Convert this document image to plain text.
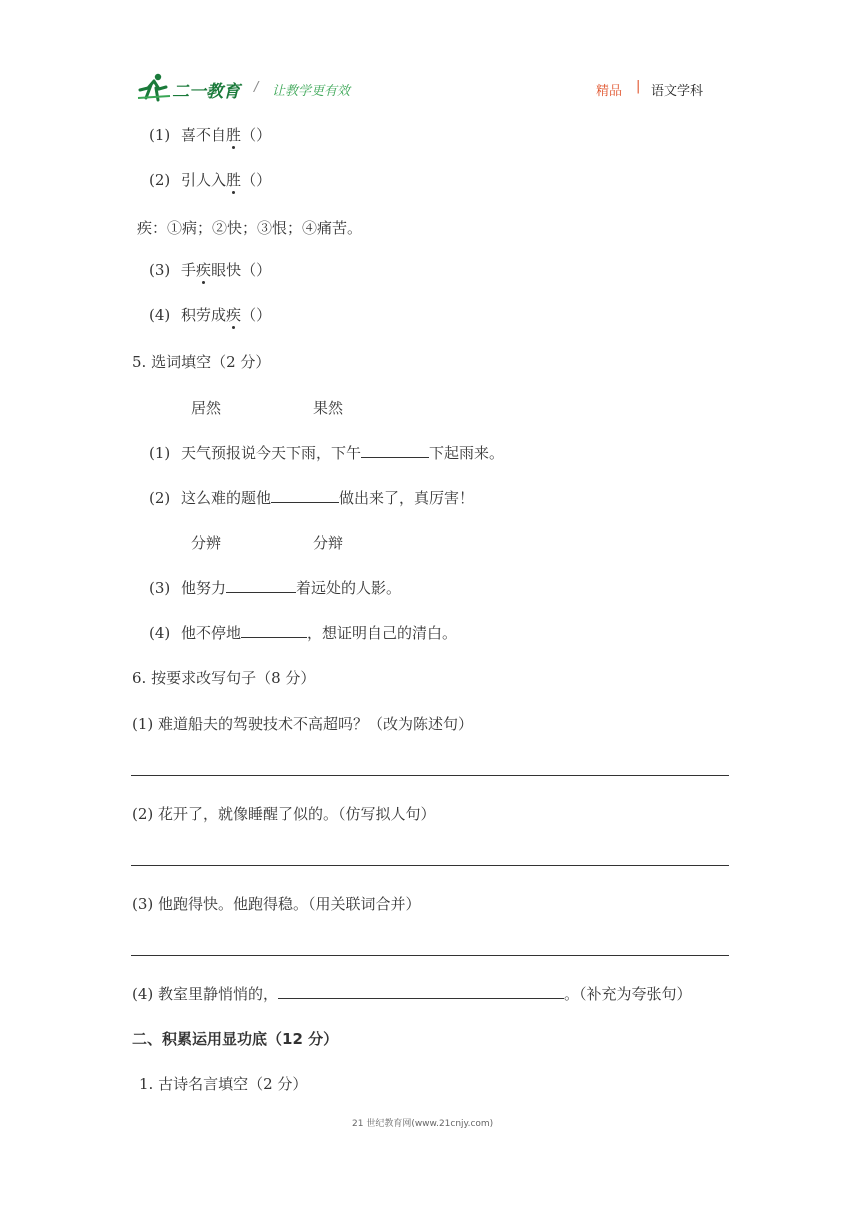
二一教育 / 让教学更有效	精品 | 语文学科
(1) 喜不自胜（）
(2) 引人入胜（）
疾：①病；②快；③恨；④痛苦。
(3) 手疾眼快（）
(4) 积劳成疾（）
5. 选词填空（2 分）
居然	果然
(1) 天气预报说今天下雨，下午	下起雨来。
(2) 这么难的题他	做出来了，真厉害！
分辨	分辩
(3) 他努力	着远处的人影。
(4) 他不停地	，想证明自己的清白。
6. 按要求改写句子（8 分）
(1) 难道船夫的驾驶技术不高超吗？（改为陈述句）
(2) 花开了，就像睡醒了似的。（仿写拟人句）
(3) 他跑得快。他跑得稳。（用关联词合并）
(4) 教室里静悄悄的，	。（补充为夸张句）
二、积累运用显功底（12 分）
1. 古诗名言填空（2 分）
21 世纪教育网(www.21cnjy.com)
